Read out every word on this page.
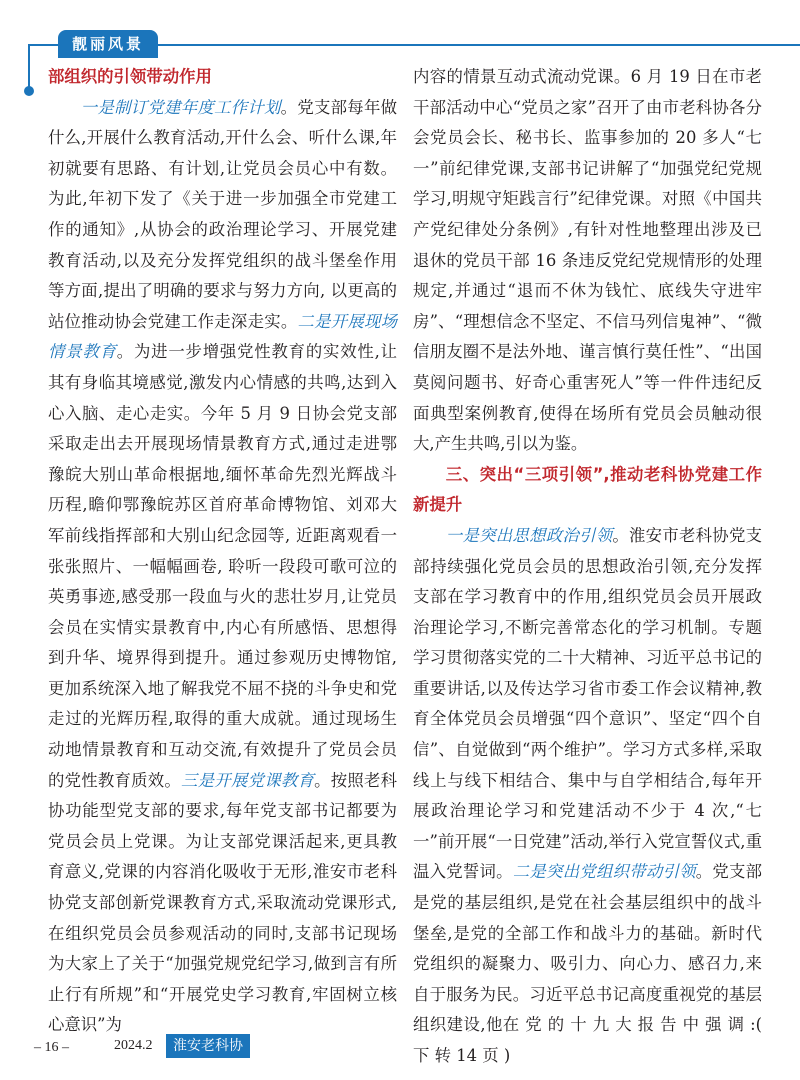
靓丽风景
部组织的引领带动作用

一是制订党建年度工作计划。党支部每年做什么,开展什么教育活动,开什么会、听什么课,年初就要有思路、有计划,让党员会员心中有数。为此,年初下发了《关于进一步加强全市党建工作的通知》,从协会的政治理论学习、开展党建教育活动,以及充分发挥党组织的战斗堡垒作用等方面,提出了明确的要求与努力方向, 以更高的站位推动协会党建工作走深走实。二是开展现场情景教育。为进一步增强党性教育的实效性,让其有身临其境感觉,激发内心情感的共鸣,达到入心入脑、走心走实。今年 5 月 9 日协会党支部采取走出去开展现场情景教育方式,通过走进鄂豫皖大别山革命根据地,缅怀革命先烈光辉战斗历程,瞻仰鄂豫皖苏区首府革命博物馆、刘邓大军前线指挥部和大别山纪念园等, 近距离观看一张张照片、一幅幅画卷, 聆听一段段可歌可泣的英勇事迹,感受那一段血与火的悲壮岁月,让党员会员在实情实景教育中,内心有所感悟、思想得到升华、境界得到提升。通过参观历史博物馆,更加系统深入地了解我党不屈不挠的斗争史和党走过的光辉历程,取得的重大成就。通过现场生动地情景教育和互动交流,有效提升了党员会员的党性教育质效。三是开展党课教育。按照老科协功能型党支部的要求,每年党支部书记都要为党员会员上党课。为让支部党课活起来,更具教育意义,党课的内容消化吸收于无形,淮安市老科协党支部创新党课教育方式,采取流动党课形式,在组织党员会员参观活动的同时,支部书记现场为大家上了关于“加强党规党纪学习,做到言有所止行有所规”和“开展党史学习教育,牢固树立核心意识”为

内容的情景互动式流动党课。6 月 19 日在市老干部活动中心“党员之家”召开了由市老科协各分会党员会长、秘书长、监事参加的 20 多人“七一”前纪律党课,支部书记讲解了“加强党纪党规学习,明规守矩践言行”纪律党课。对照《中国共产党纪律处分条例》,有针对性地整理出涉及已退休的党员干部 16 条违反党纪党规情形的处理规定,并通过“退而不休为钱忙、底线失守进牢房”、“理想信念不坚定、不信马列信鬼神”、“微信朋友圈不是法外地、谨言慎行莫任性”、“出国莫阅问题书、好奇心重害死人”等一件件违纪反面典型案例教育,使得在场所有党员会员触动很大,产生共鸣,引以为鉴。

三、突出“三项引领”,推动老科协党建工作新提升

一是突出思想政治引领。淮安市老科协党支部持续强化党员会员的思想政治引领,充分发挥支部在学习教育中的作用,组织党员会员开展政治理论学习,不断完善常态化的学习机制。专题学习贯彻落实党的二十大精神、习近平总书记的重要讲话,以及传达学习省市委工作会议精神,教育全体党员会员增强“四个意识”、坚定“四个自信”、自觉做到“两个维护”。学习方式多样,采取线上与线下相结合、集中与自学相结合,每年开展政治理论学习和党建活动不少于 4 次,“七一”前开展“一日党建”活动,举行入党宣誓仪式,重温入党誓词。二是突出党组织带动引领。党支部是党的基层组织,是党在社会基层组织中的战斗堡垒,是党的全部工作和战斗力的基础。新时代党组织的凝聚力、吸引力、向心力、感召力,来自于服务为民。习近平总书记高度重视党的基层组织建设,他在 党 的 十 九 大 报 告 中 强 调 :( 下 转 14 页 )

– 16 –	2024.2	淮安老科协
